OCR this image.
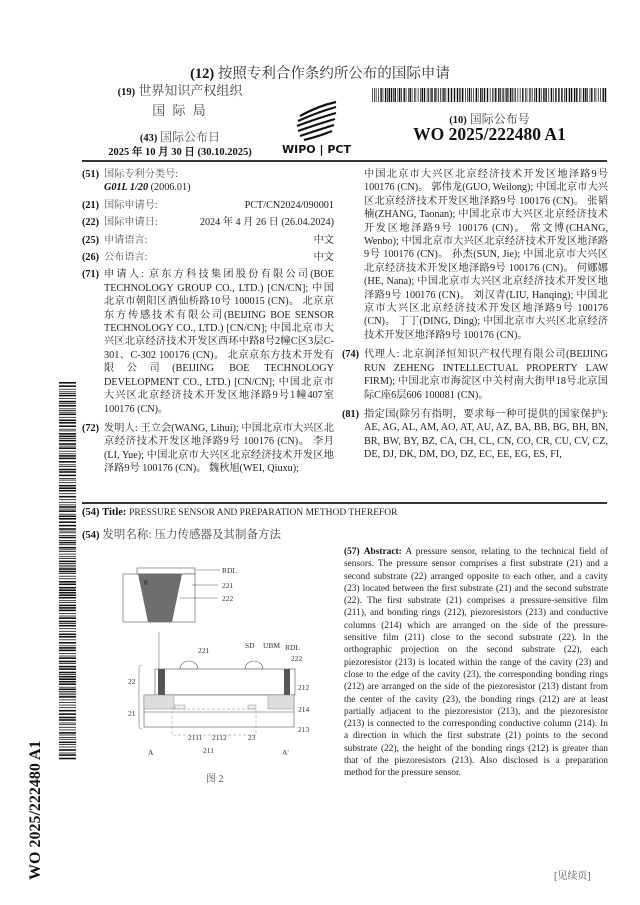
(12) 按照专利合作条约所公布的国际申请
(19) 世界知识产权组织
国 际 局
(43) 国际公布日
2025 年 10 月 30 日 (30.10.2025)	WIPO | PCT
(10) 国际公布号
WO 2025/222480 A1
(51) 国际专利分类号:
G01L 1/20 (2006.01)
(21) 国际申请号:	PCT/CN2024/090001
(22) 国际申请日:	2024 年 4 月 26 日 (26.04.2024)
(25) 申请语言:	中文
(26) 公布语言:	中文
(71) 申请人: 京东方科技集团股份有限公司(BOE TECHNOLOGY GROUP CO., LTD.) [CN/CN]; 中国北京市朝阳区酒仙桥路10号 100015 (CN)。 北京京东方传感技术有限公司(BEIJING BOE SENSOR TECHNOLOGY CO., LTD.) [CN/CN]; 中国北京市大兴区北京经济技术开发区西环中路8号2幢C区3层C-301、C-302 100176 (CN)。 北京京东方技术开发有限公司(BEIJING BOE TECHNOLOGY DEVELOPMENT CO., LTD.) [CN/CN]; 中国北京市大兴区北京经济技术开发区地泽路9号1幢407室 100176 (CN)。
(72) 发明人: 王立会(WANG, Lihui); 中国北京市大兴区北京经济技术开发区地泽路9号 100176 (CN)。 李月(LI, Yue); 中国北京市大兴区北京经济技术开发区地泽路9号 100176 (CN)。 魏秋旭(WEI, Qiuxu);
中国北京市大兴区北京经济技术开发区地泽路9号 100176 (CN)。 郭伟龙(GUO, Weilong); 中国北京市大兴区北京经济技术开发区地泽路9号 100176 (CN)。 张韬楠(ZHANG, Taonan); 中国北京市大兴区北京经济技术开发区地泽路9号 100176 (CN)。 常文博(CHANG, Wenbo); 中国北京市大兴区北京经济技术开发区地泽路9号 100176 (CN)。 孙杰(SUN, Jie); 中国北京市大兴区北京经济技术开发区地泽路9号 100176 (CN)。 何娜娜(HE, Nana); 中国北京市大兴区北京经济技术开发区地泽路9号 100176 (CN)。 刘汉青(LIU, Hanqing); 中国北京市大兴区北京经济技术开发区地泽路9号 100176 (CN)。 丁丁(DING, Ding); 中国北京市大兴区北京经济技术开发区地泽路9号 100176 (CN)。
(74) 代理人: 北京润泽恒知识产权代理有限公司(BEIJING RUN ZEHENG INTELLECTUAL PROPERTY LAW FIRM); 中国北京市海淀区中关村南大街甲18号北京国际C座6层606 100081 (CN)。
(81) 指定国(除另有指明，要求每一种可提供的国家保护): AE, AG, AL, AM, AO, AT, AU, AZ, BA, BB, BG, BH, BN, BR, BW, BY, BZ, CA, CH, CL, CN, CO, CR, CU, CV, CZ, DE, DJ, DK, DM, DO, DZ, EC, EE, EG, ES, FI,
(54) Title: PRESSURE SENSOR AND PREPARATION METHOD THEREFOR
(54) 发明名称: 压力传感器及其制备方法
θ
RDL
221
222
221
SD UBM RDL
222
22
21
212
214
213
23
2111 2112
211
A	A'
图 2
(57) Abstract: A pressure sensor, relating to the technical field of sensors. The pressure sensor comprises a first substrate (21) and a second substrate (22) arranged opposite to each other, and a cavity (23) located between the first substrate (21) and the second substrate (22). The first substrate (21) comprises a pressure-sensitive film (211), and bonding rings (212), piezoresistors (213) and conductive columns (214) which are arranged on the side of the pressure-sensitive film (211) close to the second substrate (22). In the orthographic projection on the second substrate (22), each piezoresistor (213) is located within the range of the cavity (23) and close to the edge of the cavity (23), the corresponding bonding rings (212) are arranged on the side of the piezoresistor (213) distant from the center of the cavity (23), the bonding rings (212) are at least partially adjacent to the piezoresistor (213), and the piezoresistor (213) is connected to the corresponding conductive column (214). In a direction in which the first substrate (21) points to the second substrate (22), the height of the bonding rings (212) is greater than that of the piezoresistors (213). Also disclosed is a preparation method for the pressure sensor.
WO 2025/222480 A1	[见续页]
